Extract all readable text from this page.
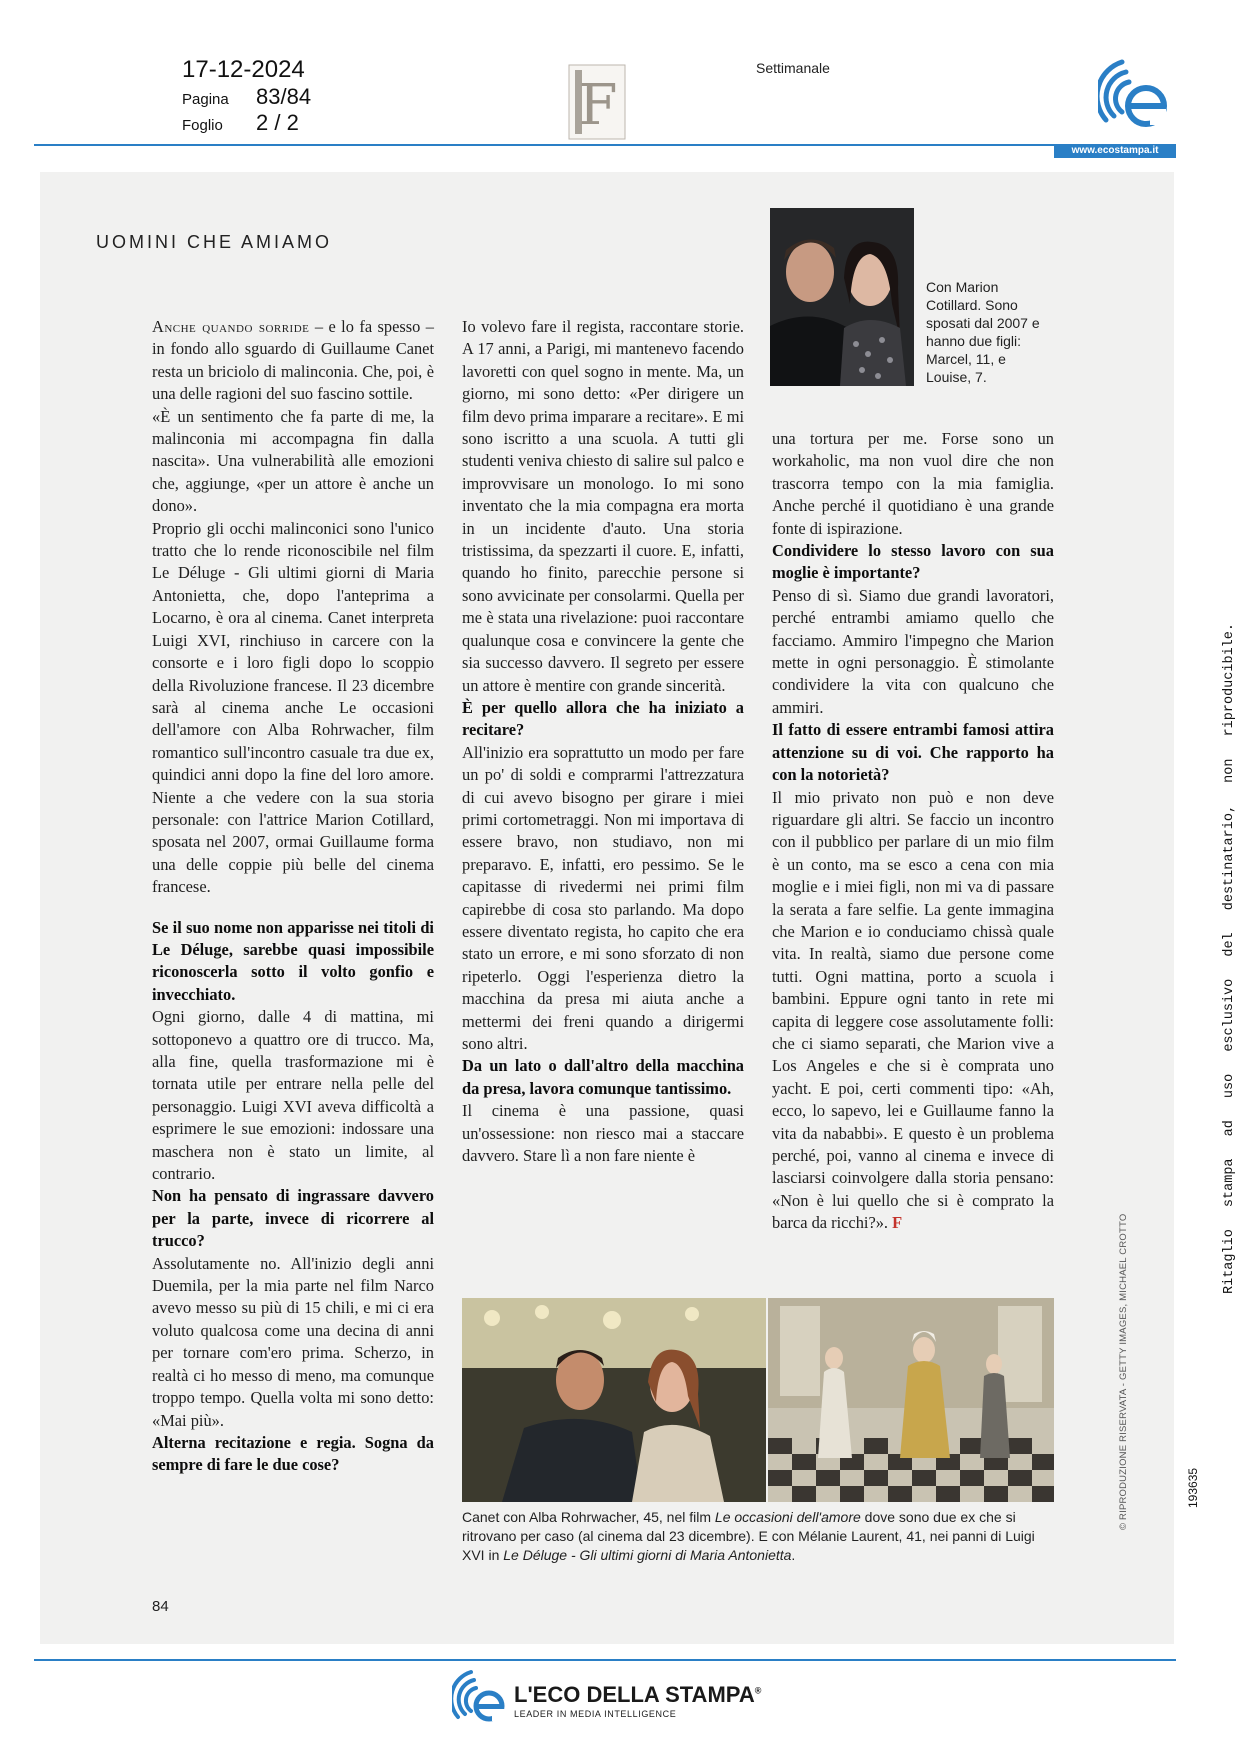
17-12-2024
Pagina 83/84
Foglio 2 / 2	F
Settimanale
www.ecostampa.it
UOMINI CHE AMIAMO
Con Marion Cotillard. Sono sposati dal 2007 e hanno due figli: Marcel, 11, e Louise, 7.

Anche quando sorride – e lo fa spesso – in fondo allo sguardo di Guillaume Canet resta un briciolo di malinconia. Che, poi, è una delle ragioni del suo fascino sottile.

«È un sentimento che fa parte di me, la malinconia mi accompagna fin dalla nascita». Una vulnerabilità alle emozioni che, aggiunge, «per un attore è anche un dono».

Proprio gli occhi malinconici sono l'unico tratto che lo rende riconoscibile nel film Le Déluge - Gli ultimi giorni di Maria Antonietta, che, dopo l'anteprima a Locarno, è ora al cinema. Canet interpreta Luigi XVI, rinchiuso in carcere con la consorte e i loro figli dopo lo scoppio della Rivoluzione francese. Il 23 dicembre sarà al cinema anche Le occasioni dell'amore con Alba Rohrwacher, film romantico sull'incontro casuale tra due ex, quindici anni dopo la fine del loro amore. Niente a che vedere con la sua storia personale: con l'attrice Marion Cotillard, sposata nel 2007, ormai Guillaume forma una delle coppie più belle del cinema francese.

Se il suo nome non apparisse nei titoli di Le Déluge, sarebbe quasi impossibile riconoscerla sotto il volto gonfio e invecchiato.

Ogni giorno, dalle 4 di mattina, mi sottoponevo a quattro ore di trucco. Ma, alla fine, quella trasformazione mi è tornata utile per entrare nella pelle del personaggio. Luigi XVI aveva difficoltà a esprimere le sue emozioni: indossare una maschera non è stato un limite, al contrario.

Non ha pensato di ingrassare davvero per la parte, invece di ricorrere al trucco?

Assolutamente no. All'inizio degli anni Duemila, per la mia parte nel film Narco avevo messo su più di 15 chili, e mi ci era voluto qualcosa come una decina di anni per tornare com'ero prima. Scherzo, in realtà ci ho messo di meno, ma comunque troppo tempo. Quella volta mi sono detto: «Mai più».

Alterna recitazione e regia. Sogna da sempre di fare le due cose?

Io volevo fare il regista, raccontare storie. A 17 anni, a Parigi, mi mantenevo facendo lavoretti con quel sogno in mente. Ma, un giorno, mi sono detto: «Per dirigere un film devo prima imparare a recitare». E mi sono iscritto a una scuola. A tutti gli studenti veniva chiesto di salire sul palco e improvvisare un monologo. Io mi sono inventato che la mia compagna era morta in un incidente d'auto. Una storia tristissima, da spezzarti il cuore. E, infatti, quando ho finito, parecchie persone si sono avvicinate per consolarmi. Quella per me è stata una rivelazione: puoi raccontare qualunque cosa e convincere la gente che sia successo davvero. Il segreto per essere un attore è mentire con grande sincerità.

È per quello allora che ha iniziato a recitare?

All'inizio era soprattutto un modo per fare un po' di soldi e comprarmi l'attrezzatura di cui avevo bisogno per girare i miei primi cortometraggi. Non mi importava di essere bravo, non studiavo, non mi preparavo. E, infatti, ero pessimo. Se le capitasse di rivedermi nei primi film capirebbe di cosa sto parlando. Ma dopo essere diventato regista, ho capito che era stato un errore, e mi sono sforzato di non ripeterlo. Oggi l'esperienza dietro la macchina da presa mi aiuta anche a mettermi dei freni quando a dirigermi sono altri.

Da un lato o dall'altro della macchina da presa, lavora comunque tantissimo.

Il cinema è una passione, quasi un'ossessione: non riesco mai a staccare davvero. Stare lì a non fare niente è

una tortura per me. Forse sono un workaholic, ma non vuol dire che non trascorra tempo con la mia famiglia. Anche perché il quotidiano è una grande fonte di ispirazione.

Condividere lo stesso lavoro con sua moglie è importante?

Penso di sì. Siamo due grandi lavoratori, perché entrambi amiamo quello che facciamo. Ammiro l'impegno che Marion mette in ogni personaggio. È stimolante condividere la vita con qualcuno che ammiri.

Il fatto di essere entrambi famosi attira attenzione su di voi. Che rapporto ha con la notorietà?

Il mio privato non può e non deve riguardare gli altri. Se faccio un incontro con il pubblico per parlare di un mio film è un conto, ma se esco a cena con mia moglie e i miei figli, non mi va di passare la serata a fare selfie. La gente immagina che Marion e io conduciamo chissà quale vita. In realtà, siamo due persone come tutti. Ogni mattina, porto a scuola i bambini. Eppure ogni tanto in rete mi capita di leggere cose assolutamente folli: che ci siamo separati, che Marion vive a Los Angeles e che si è comprata uno yacht. E poi, certi commenti tipo: «Ah, ecco, lo sapevo, lei e Guillaume fanno la vita da nababbi». E questo è un problema perché, poi, vanno al cinema e invece di lasciarsi coinvolgere dalla storia pensano: «Non è lui quello che si è comprato la barca da ricchi?». F

Canet con Alba Rohrwacher, 45, nel film Le occasioni dell'amore dove sono due ex che si ritrovano per caso (al cinema dal 23 dicembre). E con Mélanie Laurent, 41, nei panni di Luigi XVI in Le Déluge - Gli ultimi giorni di Maria Antonietta.
© RIPRODUZIONE RISERVATA - GETTY IMAGES, MICHAEL CROTTO
84
Ritaglio stampa ad uso esclusivo del destinatario, non riproducibile.
193635
L'ECO DELLA STAMPA®
LEADER IN MEDIA INTELLIGENCE
